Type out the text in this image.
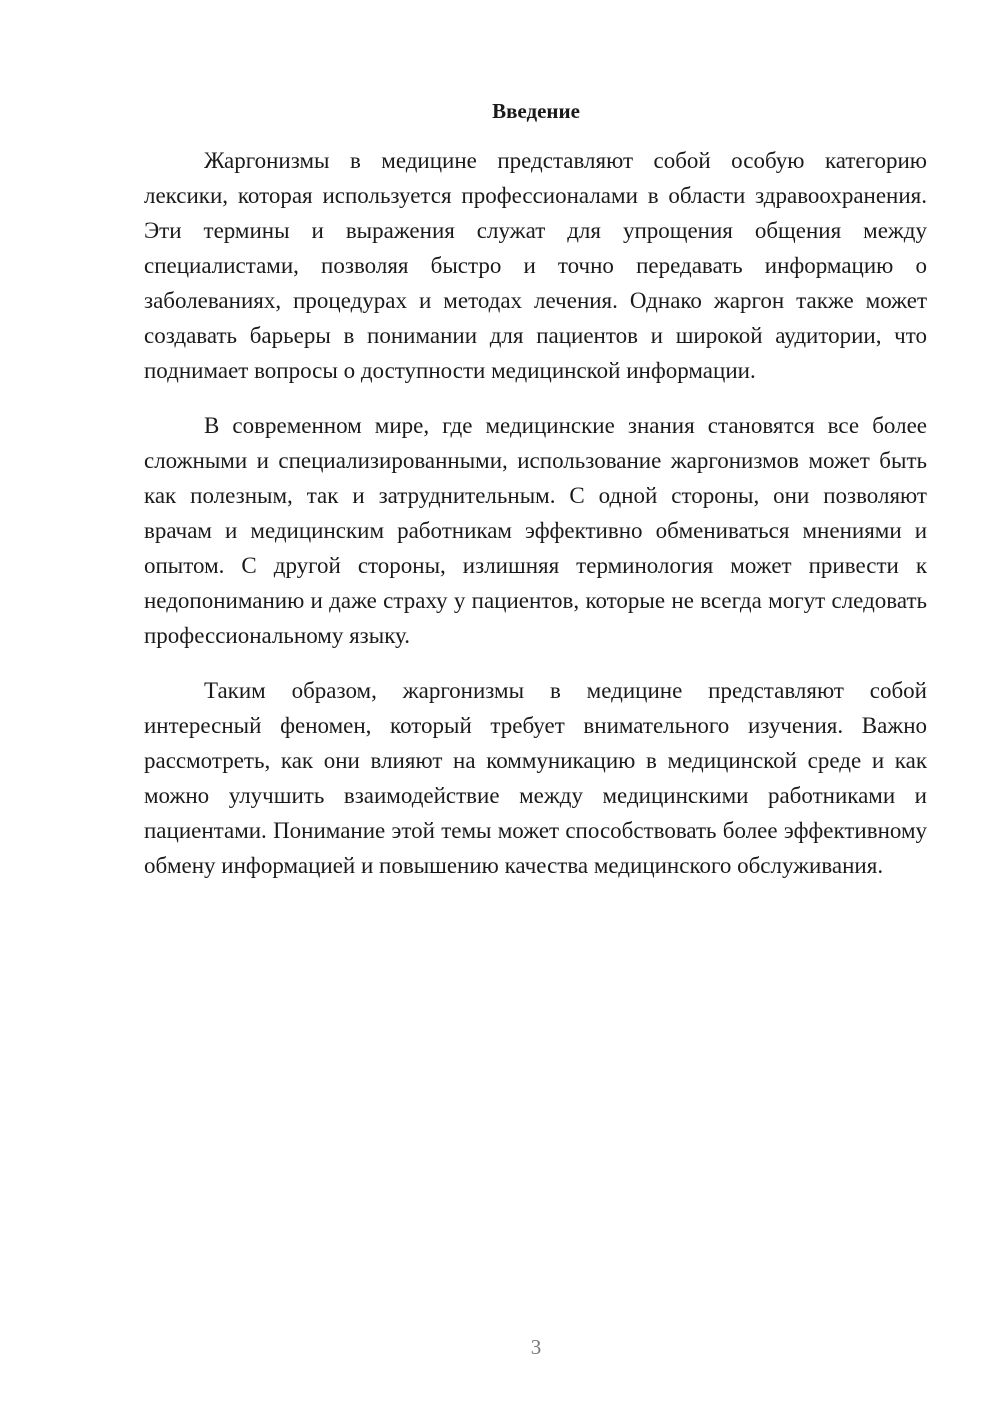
Введение

Жаргонизмы в медицине представляют собой особую категорию лексики, которая используется профессионалами в области здравоохранения. Эти термины и выражения служат для упрощения общения между специалистами, позволяя быстро и точно передавать информацию о заболеваниях, процедурах и методах лечения. Однако жаргон также может создавать барьеры в понимании для пациентов и широкой аудитории, что поднимает вопросы о доступности медицинской информации.

В современном мире, где медицинские знания становятся все более сложными и специализированными, использование жаргонизмов может быть как полезным, так и затруднительным. С одной стороны, они позволяют врачам и медицинским работникам эффективно обмениваться мнениями и опытом. С другой стороны, излишняя терминология может привести к недопониманию и даже страху у пациентов, которые не всегда могут следовать профессиональному языку.

Таким образом, жаргонизмы в медицине представляют собой интересный феномен, который требует внимательного изучения. Важно рассмотреть, как они влияют на коммуникацию в медицинской среде и как можно улучшить взаимодействие между медицинскими работниками и пациентами. Понимание этой темы может способствовать более эффективному обмену информацией и повышению качества медицинского обслуживания.

3
